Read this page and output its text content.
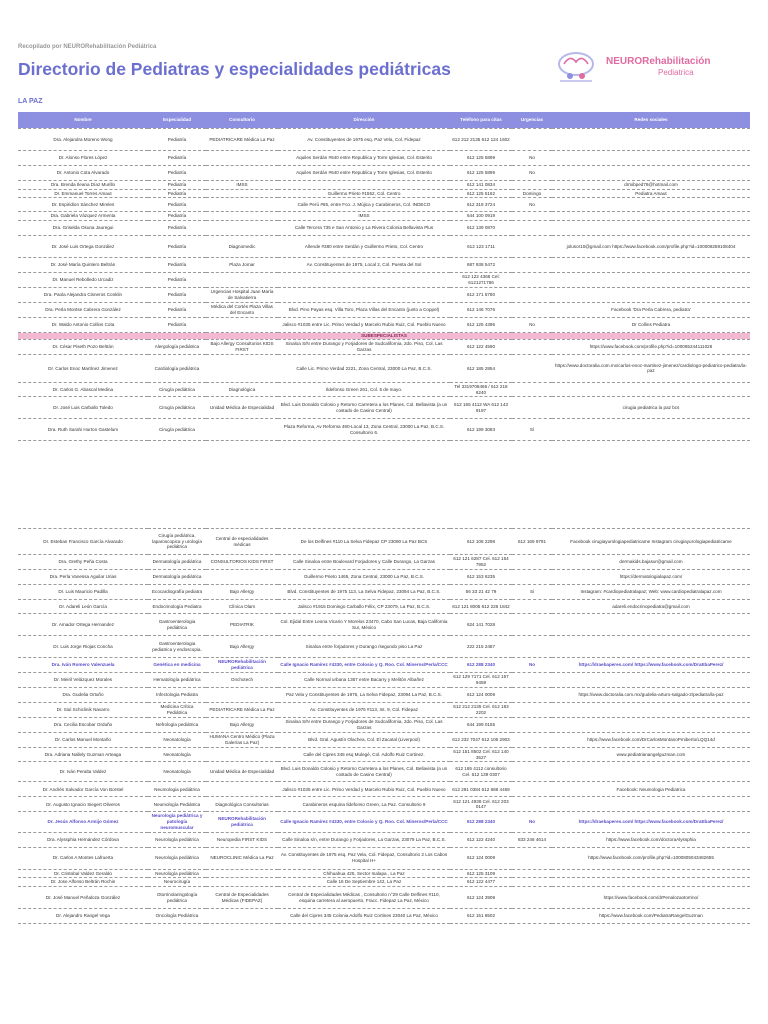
Recopilado por NEURORehabilitación Pediátrica
Directorio de Pediatras y especialidades pediátricas	NEURORehabilitación
Pediatrica
LA PAZ
Nombre	Especialidad	Consultorio	Dirección	Teléfono para citas	Urgencias	Redes sociales
Dra. Alejandra Moreno Wong	Pediatría	PEDIATRICARE Médica La Paz	Av. Constituyentes de 1975 esq. Paz Vela, Col. Fidepaz	612 212 2135 612 124 1602		
Dr. Alonso Flores López	Pediatría		Aquiles Serdán #640 entre Republica y Torre Iglesias, Col. Esterito	612 125 5899	No	
Dr. Antonio Cota Alvarado	Pediatría		Aquiles Serdán #640 entre Republica y Torre Iglesias, Col. Esterito	612 125 5899	No	
Dra. Brenda Ileana Díaz Murillo	Pediatría	IMSS		612 141 0834		drmibped78@hotmail.com
Dr. Emmanuel Torres Amaut	Pediatría		Guillermo Prieto #1552, Col. Centro	612 125 5162	Domingo	Pediatra Amaut
Dr. Espiridion Sánchez Mireles	Pediatría		Calle Perú #65, entre Fco. J. Mújica y Carabineros, Col. INDECO	612 318 3724	No	
Dra. Gabriela Vázquez Armenta	Pediatría		IMSS	644 100 0919		
Dra. Griselda Osuna Jauregui	Pediatría		Calle Tercera 735 e San Antonio y La Rivera Colonia Bellavista Plus	612 139 0870		
Dr. José Luis Ortega González	Pediatría	Diagnomedic	Allende #380 entre Serdán y Guillermo Prieto, Col. Centro	612 123 1711		jolusor10@gmail.com https://www.facebook.com/profile.php?id=100008259108404
Dr. José María Quintero Beltrán	Pediatría	Plaza Jomar	Av. Constituyentes de 1975, Local 2, Col. Puesta del Sol	687 938 5472		
Dr. Manuel Rebolledo Urcadiz	Pediatría			612 122 4366 Cel: 6121271786		
Dra. Paola Alejandra Cisneros Conklin	Pediatría	Urgencias Hospital Juan María de Salvatierra		612 171 5780		
Dra. Perla Montse Cabrera González	Pediatría	Médica del Cortés Plaza Villas del Encanto	Blvd. Pino Payas esq. Villa Toro, Plaza Villas del Encanto (junto a Coppel)	612 146 7076		Facebook 'Dra Perla Cabrera, pediatra'
Dr. Waldo Antonio Collins Cota	Pediatría		Jalisco #1035 entre Lic. Primo Verdad y Marcelo Rubio Ruiz, Col. Pueblo Nuevo	612 125 4395	No	Dr Collins Pediatra
SUBESPECIALISTAS						
Dr. César Piseth Pozo Beltrán	Alergología pediátrica	Bajo Allergy Consultorios KIDS FIRST	Sinaloa S/N entre Durango y Forjadores de Sudcalifornia, 2do. Piso, Col. Las Garzas	612 122 4590		https://www.facebook.com/profile.php?id=100065244111026
Dr. Carlos Enoc Martínez Jimenez	Cardiología pediátrica		Calle Lic. Primo Verdad 2221, Zona Central, 23000 La Paz, B.C.S.	612 185 2854		https://www.doctoralia.com.mx/carlos-enoc-martinez-jimenez/cardiologo-pediatrico-pediatra/la-paz
Dr. Carlos G. Abascal Medina	Cirugía pediátrica	Diagnológica	Ildefonso Green 261, Col. 5 de mayo.	Tel 3319708466 / 612 218 6240		
Dr. José Luis Carballo Toledo	Cirugía pediátrica	Unidad Médica de Especialidad	Blvd. Luis Donaldo Colosio y Retorno Carretera a los Planes, Col. Bellavista (a un costado de Casino Central)	612 165 4112 WA 612 143 9197		cirugia pediatrica la paz bcs
Dra. Ruth Sarahi Hurton Gastelum	Cirugía pediátrica		Plaza Reforma, Av Reforma 490-Local 13, Zona Central, 23000 La Paz, B.C.S. Consultorio 6.	612 199 3083	Sí	
Dr. Esteban Francisco García Alvarado	Cirugía pediátrica, laparoscopica y urología pediátrica	Central de especialidades médicas	De los Delfines #110 La Selva Fidepaz CP 23090 La Paz BCS	612 108 2298	612 169 9791	Facebook cirugiayurologiapediatricame Instagram cirugiayurologiapediatricame
Dra. Grethy Peña Costa	Dermatología pediátrica	CONSULTORIOS KIDS FIRST	Calle Sinaloa entre Boulevard Forjadores y Calle Durango, La Garzas	612 121 6287 Cel. 612 154 7952		dermakids.bajasur@gmail.com
Dra. Perla Vanessa Aguilar Urias	Dermatología pediátrica		Guillermo Prieto 1465, Zona Central, 23000 La Paz, B.C.S.	612 153 6235		https://dermatologialapaz.com/
Dr. Luis Mauricio Padilla	Ecocardiografía pediatra	Bajo Allergy	Blvd. Constituyentes de 1975 113, La Selva Fidepaz, 23094 La Paz, B.C.S.	56 33 21 42 79	Si	Instagram: #cardiopediatralapaz; Web: www.cardiopediatralapaz.com
Dr. Adareli León García	Endocrinología Pediatra	Clínica Olam	Jalisco #1915 Domingo Carballo Félix, CP 23079, La Paz, B.C.S.	612 121 8005 612 228 1842		adareli.endocrinopediatra@gmail.com
Dr. Amador Ortega Hernandez	Gastroenterologia pediátrica	PEDIATRIK	Col. Ejidal Entre Leona Vicario Y Morelos 23470, Cabo San Lucas, Baja California Sur, México	624 141 7028		
Dr. Luis Jorge Riojas Concha	Gastroenterologia pediatrica y endoscopia.	Bajo Allergy	Sinaloa entre forjadores y Durango /segundo piso La Paz	222 215 2487		
Dra. Iván Romero Valenzuela	Genética en medicina	NEURORehabilitación pediátrica	Calle Ignacio Ramírez #4330, entre Colosio y Q. Roo. Col. Mineros/Perla/CCC	612 288 2340	No	https://draebaperes.com/ https://www.facebook.com/DraEbaPerez/
Dr. Meiril Velázquez Morales	Hematología pediátrica	Onchotech	Calle Normal urbana 1367 entre Bacarry y Melitón Albañez	612 129 7171 Cel. 612 157 9459		
Dra. Gudelia Ortuño	Infectologia Pediatra		Paz Vela y Constituyentes de 1975, La Selva Fidepaz, 23094 La Paz, B.C.S.	612 124 0009		https://www.doctoralia.com.mx/gudelia-arturo-salgado-2/pediatra/la-paz
Dr. Siul Schiclinik Navarro	Medicina Crítica Pediátrica	PEDIATRICARE Médica La Paz	Av. Constituyentes de 1975 #113, Int. 9, Col. Fidepaz	612 212 2135 Cel. 612 183 2202		
Dra. Cecilia Escobar Orduño	Nefrología pediátrica	Bajo Allergy	Sinaloa S/N entre Durango y Forjadores de Sudcalifornia, 2do. Piso, Col. Las Garzas	644 199 0155		
Dr. Carlos Manuel Montaño	Neonatología	HUMANA Centro Médico (Plaza Galerías La Paz)	Blvd. Gral. Agustín Olachea, Col. El Zacatal (Liverpool)	612 232 7047 612 106 2903		https://www.facebook.com/DrCarlosMontanoPmiberto/LQQ14d
Dra. Adriana Nallely Guzman Arteaga	Neonatología		Calle del Cipres 345 esq Mulegé, Col. Adolfo Ruiz Cortinez.	612 151 8502 Cel. 612 140 3527		www.pediatrianangelguzman.com
Dr. Iván Peralta Valdez	Neonatología	Unidad Médica de Especialidad	Blvd. Luis Donaldo Colosio y Retorno Carretera a los Planes, Col. Bellavista (a un costado de Casino Central)	612 165 4112 consultorio Cel. 612 139 0307		
Dr. Andrés Salvador García Von Borstel	Neumologia pediátrica		Jalisco #1035 entre Lic. Primo Verdad y Marcelo Rubio Ruiz, Col. Pueblo Nuevo	612 291 0384 612 688 4469		Facebook: Neumologia Pediatrica
Dr. Augusto Ignacio Siegert Oliveros	Neumología Pediátrica	Diagnológica Consultorias	Carabineros esquina Ildefonso Green, La Paz. Consultorio 9	612 121 4938 Cel. 612 203 0147		
Dr. Jesús Alfonso Armijo Gómez	Neurología pediátrica y patología neuromuscular	NEURORehabilitación pediátrica	Calle Ignacio Ramírez #4330, entre Colosio y Q. Roo. Col. Mineros/Perla/CCC	612 288 2340	No	https://draebaperes.com/ https://www.facebook.com/DraEbaPerez/
Dra. Alyssphia Hernández Córdova	Neurología pediátrica	Neuropedia FIRST KIDS	Calle Sinaloa s/n, entre Durango y Forjadores, La Garzas, 23079 La Paz, B.C.S.	612 122 4240	833 246 4614	https://www.facebook.com/doctoraAlyssphia
Dr. Carlos A Montes Lafruerta	Neurología pediátrica	NEUROCLINIC Médica La Paz	Av. Constituyentes de 1975 esq. Paz Vela, Col. Fidepaz, Consultorio 2 Los Cabos Hospital H+	612 124 0009		https://www.facebook.com/profile.php?id=1000805043482655
Dr. Cristobal Valdez Geraldo	Neurología pediátrica		Chihuahua 425, Sector Inalapa , La Paz	612 125 3109		
Dr. Jose Alfonso Beltrán Rochin	Neurocirugía		Calle 16 De Septiembre 142, La Paz	612 122 4477		
Dr. José Manuel Peñaloza González	Otorrinolaringología pediátrica	Central de Especialidades Médicas (FIDEPAZ)	Central de Especialidades Médicas , Consultorio n°29 Calle Delfines #110, esquina carretera al aeropuerto, Fracc. Fidepaz La Paz, México	612 124 3909		https://www.facebook.com/drPenalozaotorrino/
Dr. Alejandro Rangel Vega	Oncología Pediátrica		Calle del Cipres 345 Colonia Adolfo Ruiz Cortines 23040 La Paz, México	612 151 8502		https://www.facebook.com/PediatraRangelGuzman
